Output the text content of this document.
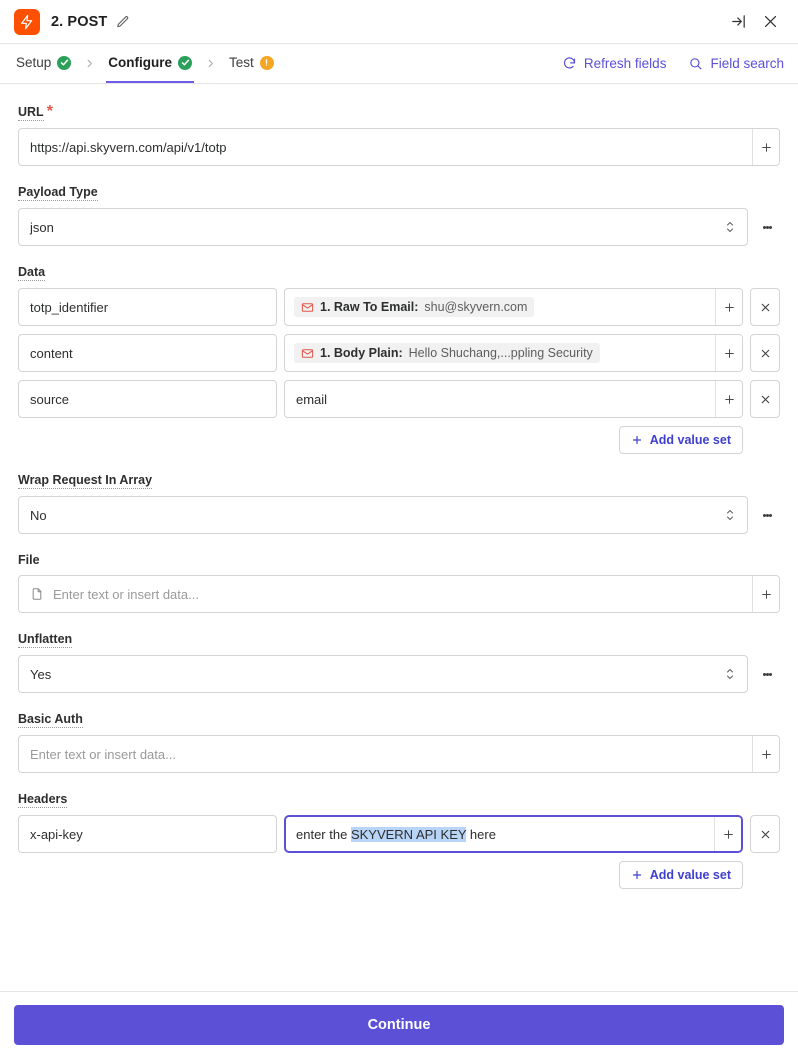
2. POST
Setup	Configure	Test	Refresh fields	Field search
URL *
https://api.skyvern.com/api/v1/totp
Payload Type
json
Data
totp_identifier	1. Raw To Email: shu@skyvern.com
content	1. Body Plain: Hello Shuchang,...ppling Security
source	email
Add value set
Wrap Request In Array
No
File
Enter text or insert data...
Unflatten
Yes
Basic Auth
Enter text or insert data...
Headers
x-api-key	enter the SKYVERN API KEY here
Add value set
Continue
